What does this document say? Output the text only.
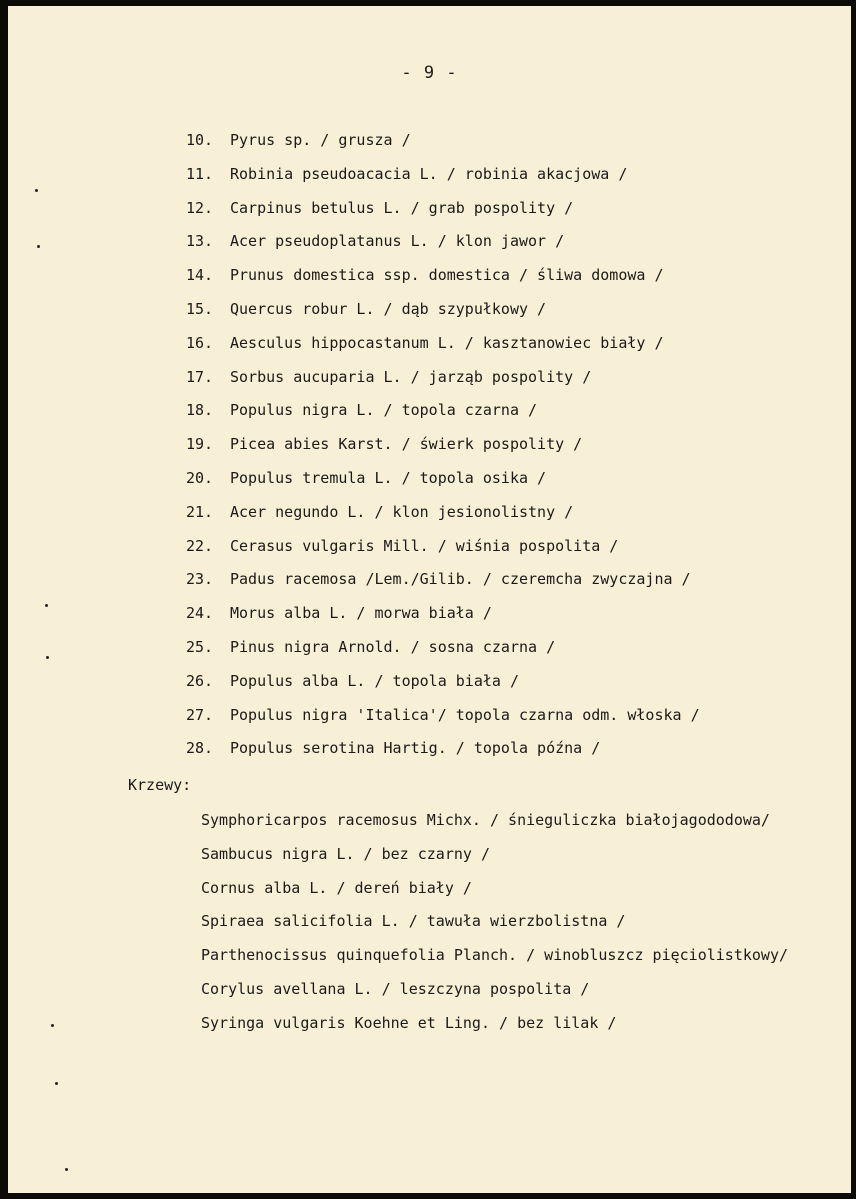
- 9 -
10. Pyrus sp. / grusza /
11. Robinia pseudoacacia L. / robinia akacjowa /
12. Carpinus betulus L. / grab pospolity /
13. Acer pseudoplatanus L. / klon jawor /
14. Prunus domestica ssp. domestica / śliwa domowa /
15. Quercus robur L. / dąb szypułkowy /
16. Aesculus hippocastanum L. / kasztanowiec biały /
17. Sorbus aucuparia L. / jarząb pospolity /
18. Populus nigra L. / topola czarna /
19. Picea abies Karst. / świerk pospolity /
20. Populus tremula L. / topola osika /
21. Acer negundo L. / klon jesionolistny /
22. Cerasus vulgaris Mill. / wiśnia pospolita /
23. Padus racemosa /Lem./Gilib. / czeremcha zwyczajna /
24. Morus alba L. / morwa biała /
25. Pinus nigra Arnold. / sosna czarna /
26. Populus alba L. / topola biała /
27. Populus nigra 'Italica'/ topola czarna odm. włoska /
28. Populus serotina Hartig. / topola późna /
Krzewy:
Symphoricarpos racemosus Michx. / śnieguliczka białojagododowa/
Sambucus nigra L. / bez czarny /
Cornus alba L. / dereń biały /
Spiraea salicifolia L. / tawuła wierzbolistna /
Parthenocissus quinquefolia Planch. / winobluszcz pięciolistkowy/
Corylus avellana L. / leszczyna pospolita /
Syringa vulgaris Koehne et Ling. / bez lilak /
